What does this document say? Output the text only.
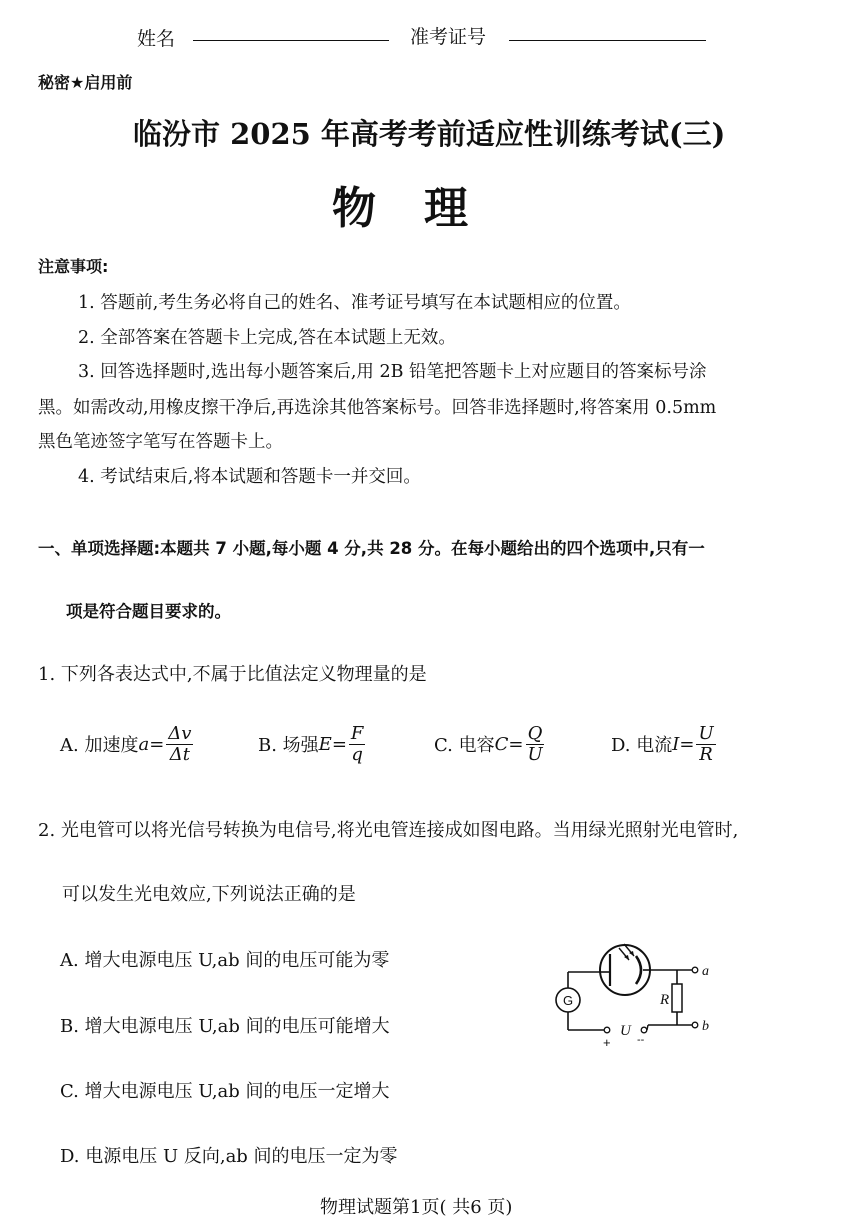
姓名	准考证号
秘密★启用前
临汾市 2025 年高考考前适应性训练考试(三)
物　理
注意事项:
1. 答题前,考生务必将自己的姓名、准考证号填写在本试题相应的位置。
2. 全部答案在答题卡上完成,答在本试题上无效。
3. 回答选择题时,选出每小题答案后,用 2B 铅笔把答题卡上对应题目的答案标号涂
黑。如需改动,用橡皮擦干净后,再选涂其他答案标号。回答非选择题时,将答案用 0.5mm
黑色笔迹签字笔写在答题卡上。
4. 考试结束后,将本试题和答题卡一并交回。
一、单项选择题:本题共 7 小题,每小题 4 分,共 28 分。在每小题给出的四个选项中,只有一
项是符合题目要求的。
1. 下列各表达式中,不属于比值法定义物理量的是
A. 加速度 $a = \frac{\Delta v}{\Delta t}$	B. 场强 $E = \frac{F}{q}$	C. 电容 $C = \frac{Q}{U}$	D. 电流 $I = \frac{U}{R}$
2. 光电管可以将光信号转换为电信号,将光电管连接成如图电路。当用绿光照射光电管时,
可以发生光电效应,下列说法正确的是
A. 增大电源电压 U,ab 间的电压可能为零
B. 增大电源电压 U,ab 间的电压可能增大
C. 增大电源电压 U,ab 间的电压一定增大
D. 电源电压 U 反向,ab 间的电压一定为零
G
U
+ --
R
a
b
物理试题第1页( 共6 页)
